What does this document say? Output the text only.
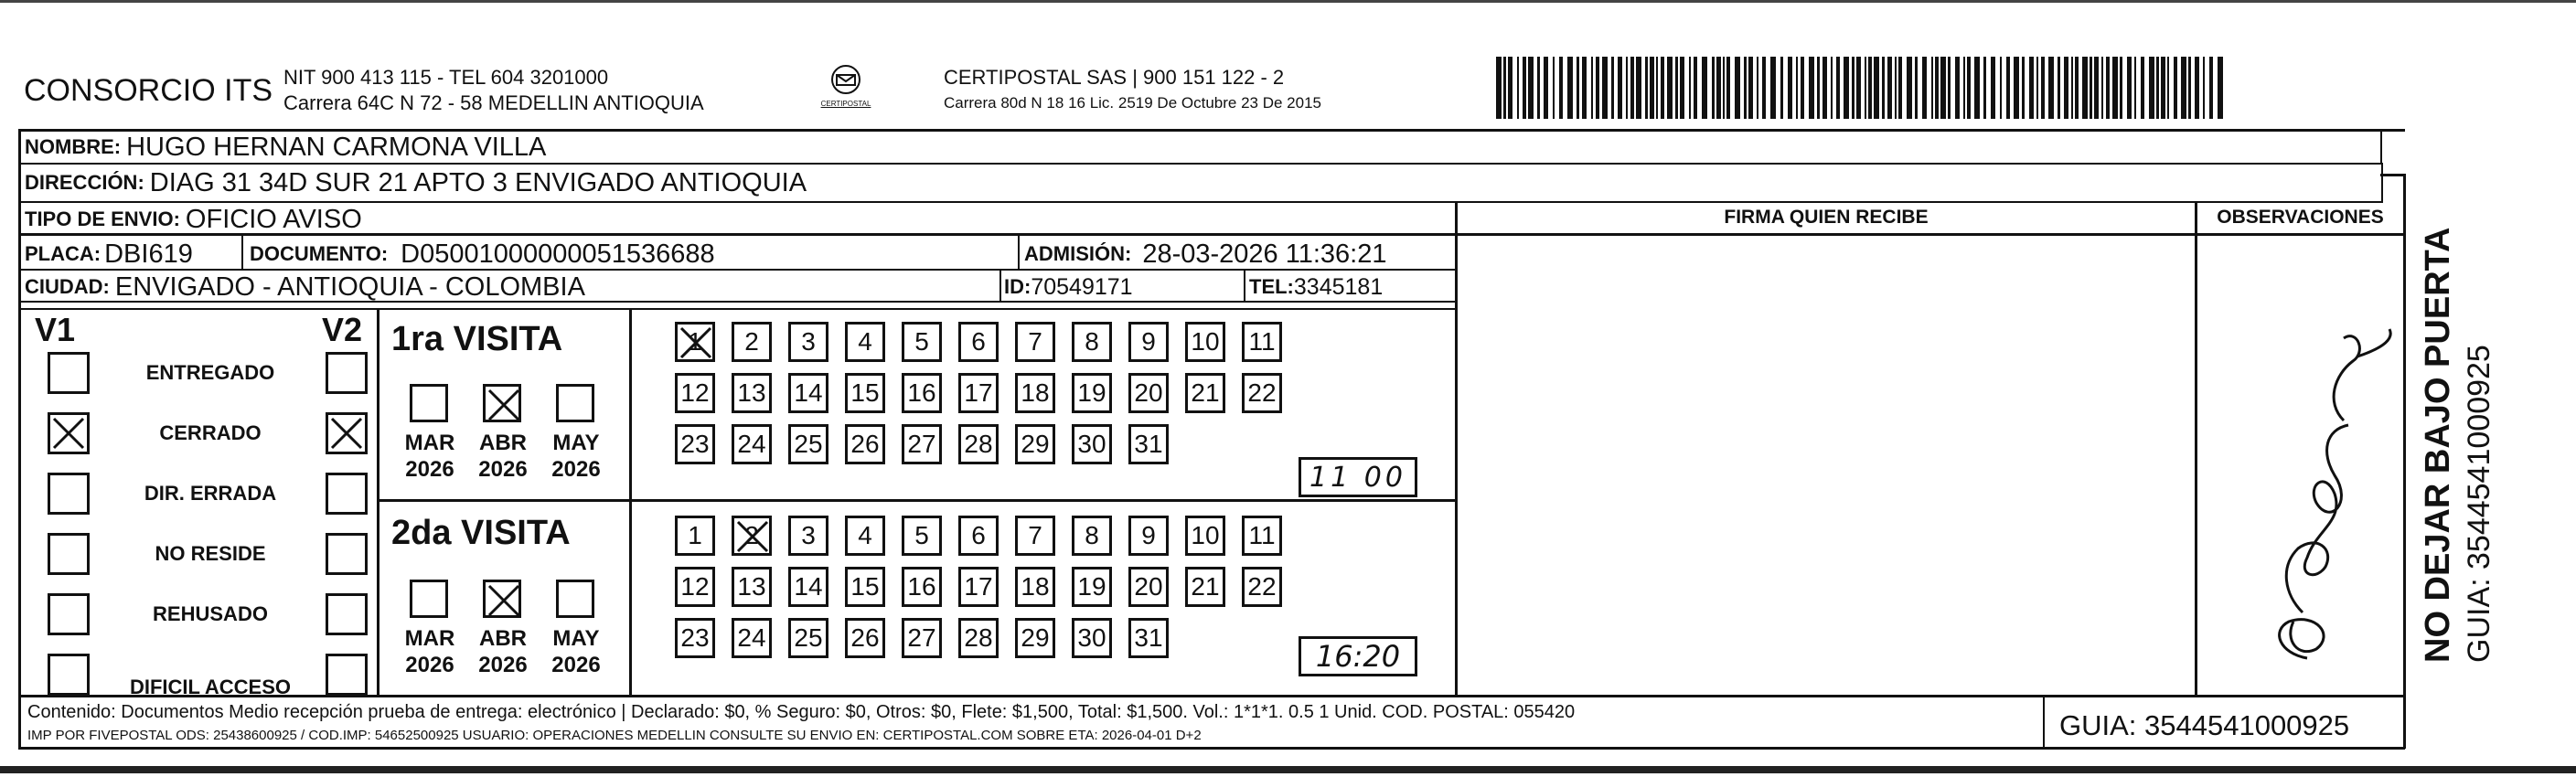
CONSORCIO ITS NIT 900 413 115 - TEL 604 3201000
Carrera 64C N 72 - 58 MEDELLIN ANTIOQUIA	CERTIPOSTAL
CERTIPOSTAL SAS | 900 151 122 - 2
Carrera 80d N 18 16 Lic. 2519 De Octubre 23 De 2015
NOMBRE: HUGO HERNAN CARMONA VILLA
DIRECCIÓN: DIAG 31 34D SUR 21 APTO 3 ENVIGADO ANTIOQUIA
TIPO DE ENVIO: OFICIO AVISO
PLACA: DBI619	DOCUMENTO: D05001000000051536688	ADMISIÓN: 28-03-2026 11:36:21
CIUDAD: ENVIGADO - ANTIOQUIA - COLOMBIA	ID: 70549171	TEL: 3345181
FIRMA QUIEN RECIBE	OBSERVACIONES
V1	V2
ENTREGADO
CERRADO
DIR. ERRADA
NO RESIDE
REHUSADO
DIFICIL ACCESO
1ra VISITA
2da VISITA
MAR
2026
ABR
2026
MAY
2026
MAR
2026
ABR
2026
MAY
2026
1 2 3 4 5 6 7 8 9 10 11
12 13 14 15 16 17 18 19 20 21 22
23 24 25 26 27 28 29 30 31
1 2 3 4 5 6 7 8 9 10 11
12 13 14 15 16 17 18 19 20 21 22
23 24 25 26 27 28 29 30 31
11 00
16:20
Contenido: Documentos Medio recepción prueba de entrega: electrónico | Declarado: $0, % Seguro: $0, Otros: $0, Flete: $1,500, Total: $1,500. Vol.: 1*1*1. 0.5 1 Unid. COD. POSTAL: 055420
IMP POR FIVEPOSTAL ODS: 25438600925 / COD.IMP: 54652500925 USUARIO: OPERACIONES MEDELLIN CONSULTE SU ENVIO EN: CERTIPOSTAL.COM SOBRE ETA: 2026-04-01 D+2	GUIA: 3544541000925
NO DEJAR BAJO PUERTA GUIA: 3544541000925
